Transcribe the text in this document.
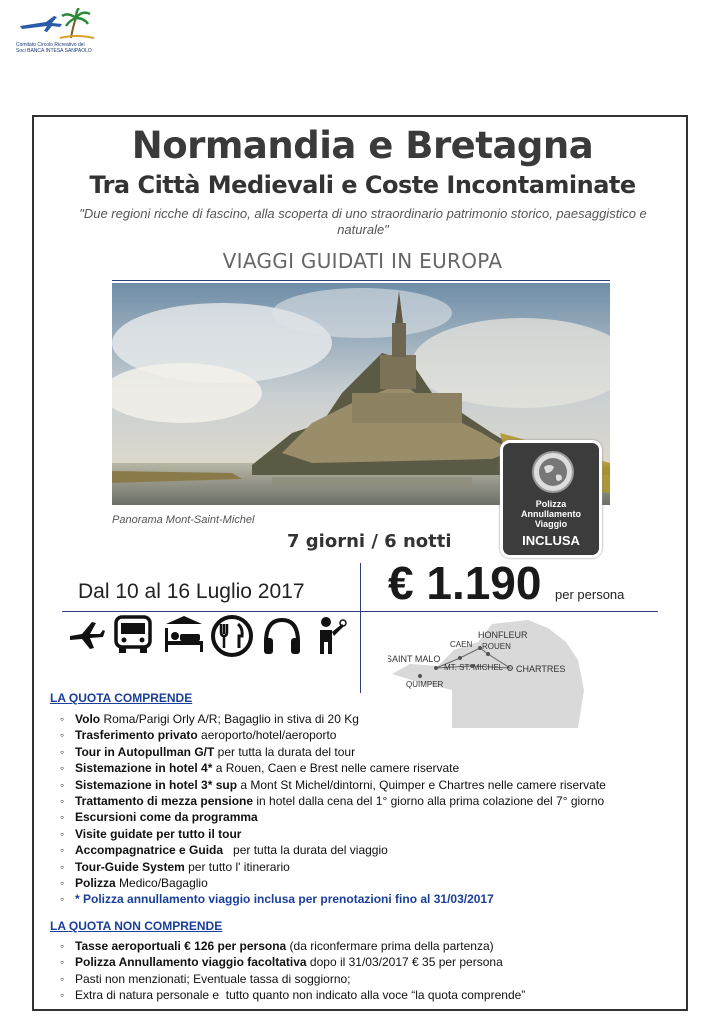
Comitato Circolo Ricreativo dei
Soci BANCA INTESA SANPAOLO
Normandia e Bretagna
Tra Città Medievali e Coste Incontaminate
"Due regioni ricche di fascino, alla scoperta di uno straordinario patrimonio storico, paesaggistico e naturale"
VIAGGI GUIDATI IN EUROPA
Panorama Mont-Saint-Michel
Polizza
Annullamento
Viaggio
INCLUSA
7 giorni / 6 notti
Dal 10 al 16 Luglio 2017 € 1.190 per persona
HONFLEUR
CAEN ROUEN
SAINT MALO
MT. ST. MICHEL CHARTRES
QUIMPER
LA QUOTA COMPRENDE
◦ Volo Roma/Parigi Orly A/R; Bagaglio in stiva di 20 Kg
◦ Trasferimento privato aeroporto/hotel/aeroporto
◦ Tour in Autopullman G/T per tutta la durata del tour
◦ Sistemazione in hotel 4* a Rouen, Caen e Brest nelle camere riservate
◦ Sistemazione in hotel 3* sup a Mont St Michel/dintorni, Quimper e Chartres nelle camere riservate
◦ Trattamento di mezza pensione in hotel dalla cena del 1° giorno alla prima colazione del 7° giorno
◦ Escursioni come da programma
◦ Visite guidate per tutto il tour
◦ Accompagnatrice e Guida   per tutta la durata del viaggio
◦ Tour-Guide System per tutto l' itinerario
◦ Polizza Medico/Bagaglio
◦ * Polizza annullamento viaggio inclusa per prenotazioni fino al 31/03/2017
LA QUOTA NON COMPRENDE
◦ Tasse aeroportuali € 126 per persona (da riconfermare prima della partenza)
◦ Polizza Annullamento viaggio facoltativa dopo il 31/03/2017 € 35 per persona
◦ Pasti non menzionati; Eventuale tassa di soggiorno;
◦ Extra di natura personale e  tutto quanto non indicato alla voce “la quota comprende”
